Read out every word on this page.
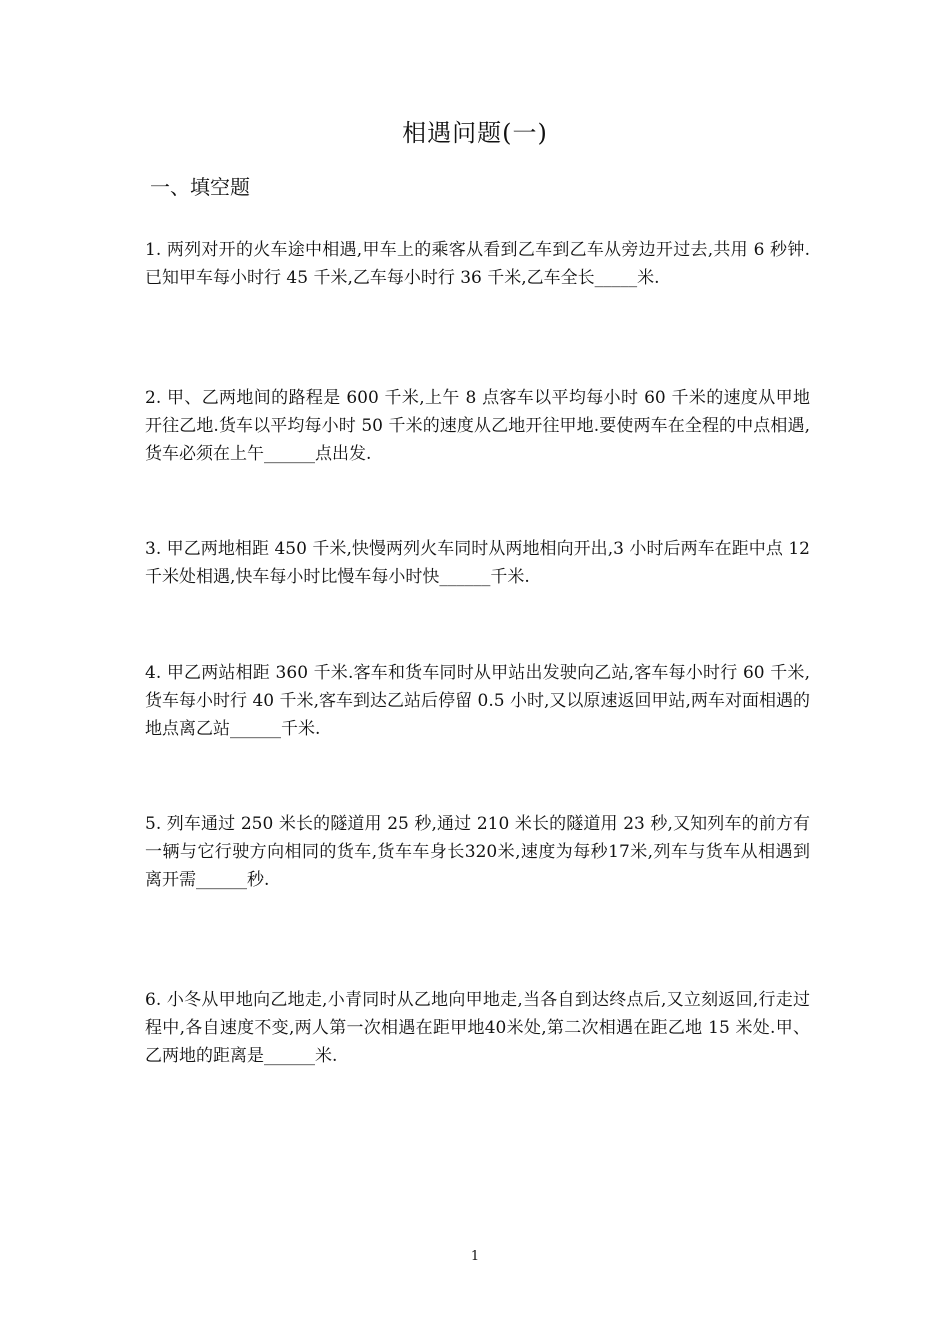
相遇问题(一)
一、填空题
1. 两列对开的火车途中相遇,甲车上的乘客从看到乙车到乙车从旁边开过去,共用 6 秒钟.已知甲车每小时行 45 千米,乙车每小时行 36 千米,乙车全长_____米.
2. 甲、乙两地间的路程是 600 千米,上午 8 点客车以平均每小时 60 千米的速度从甲地开往乙地.货车以平均每小时 50 千米的速度从乙地开往甲地.要使两车在全程的中点相遇,货车必须在上午______点出发.
3. 甲乙两地相距 450 千米,快慢两列火车同时从两地相向开出,3 小时后两车在距中点 12 千米处相遇,快车每小时比慢车每小时快______千米.
4. 甲乙两站相距 360 千米.客车和货车同时从甲站出发驶向乙站,客车每小时行 60 千米,货车每小时行 40 千米,客车到达乙站后停留 0.5 小时,又以原速返回甲站,两车对面相遇的地点离乙站______千米.
5. 列车通过 250 米长的隧道用 25 秒,通过 210 米长的隧道用 23 秒,又知列车的前方有一辆与它行驶方向相同的货车,货车车身长320米,速度为每秒17米,列车与货车从相遇到离开需______秒.
6. 小冬从甲地向乙地走,小青同时从乙地向甲地走,当各自到达终点后,又立刻返回,行走过程中,各自速度不变,两人第一次相遇在距甲地40米处,第二次相遇在距乙地 15 米处.甲、乙两地的距离是______米.
1
